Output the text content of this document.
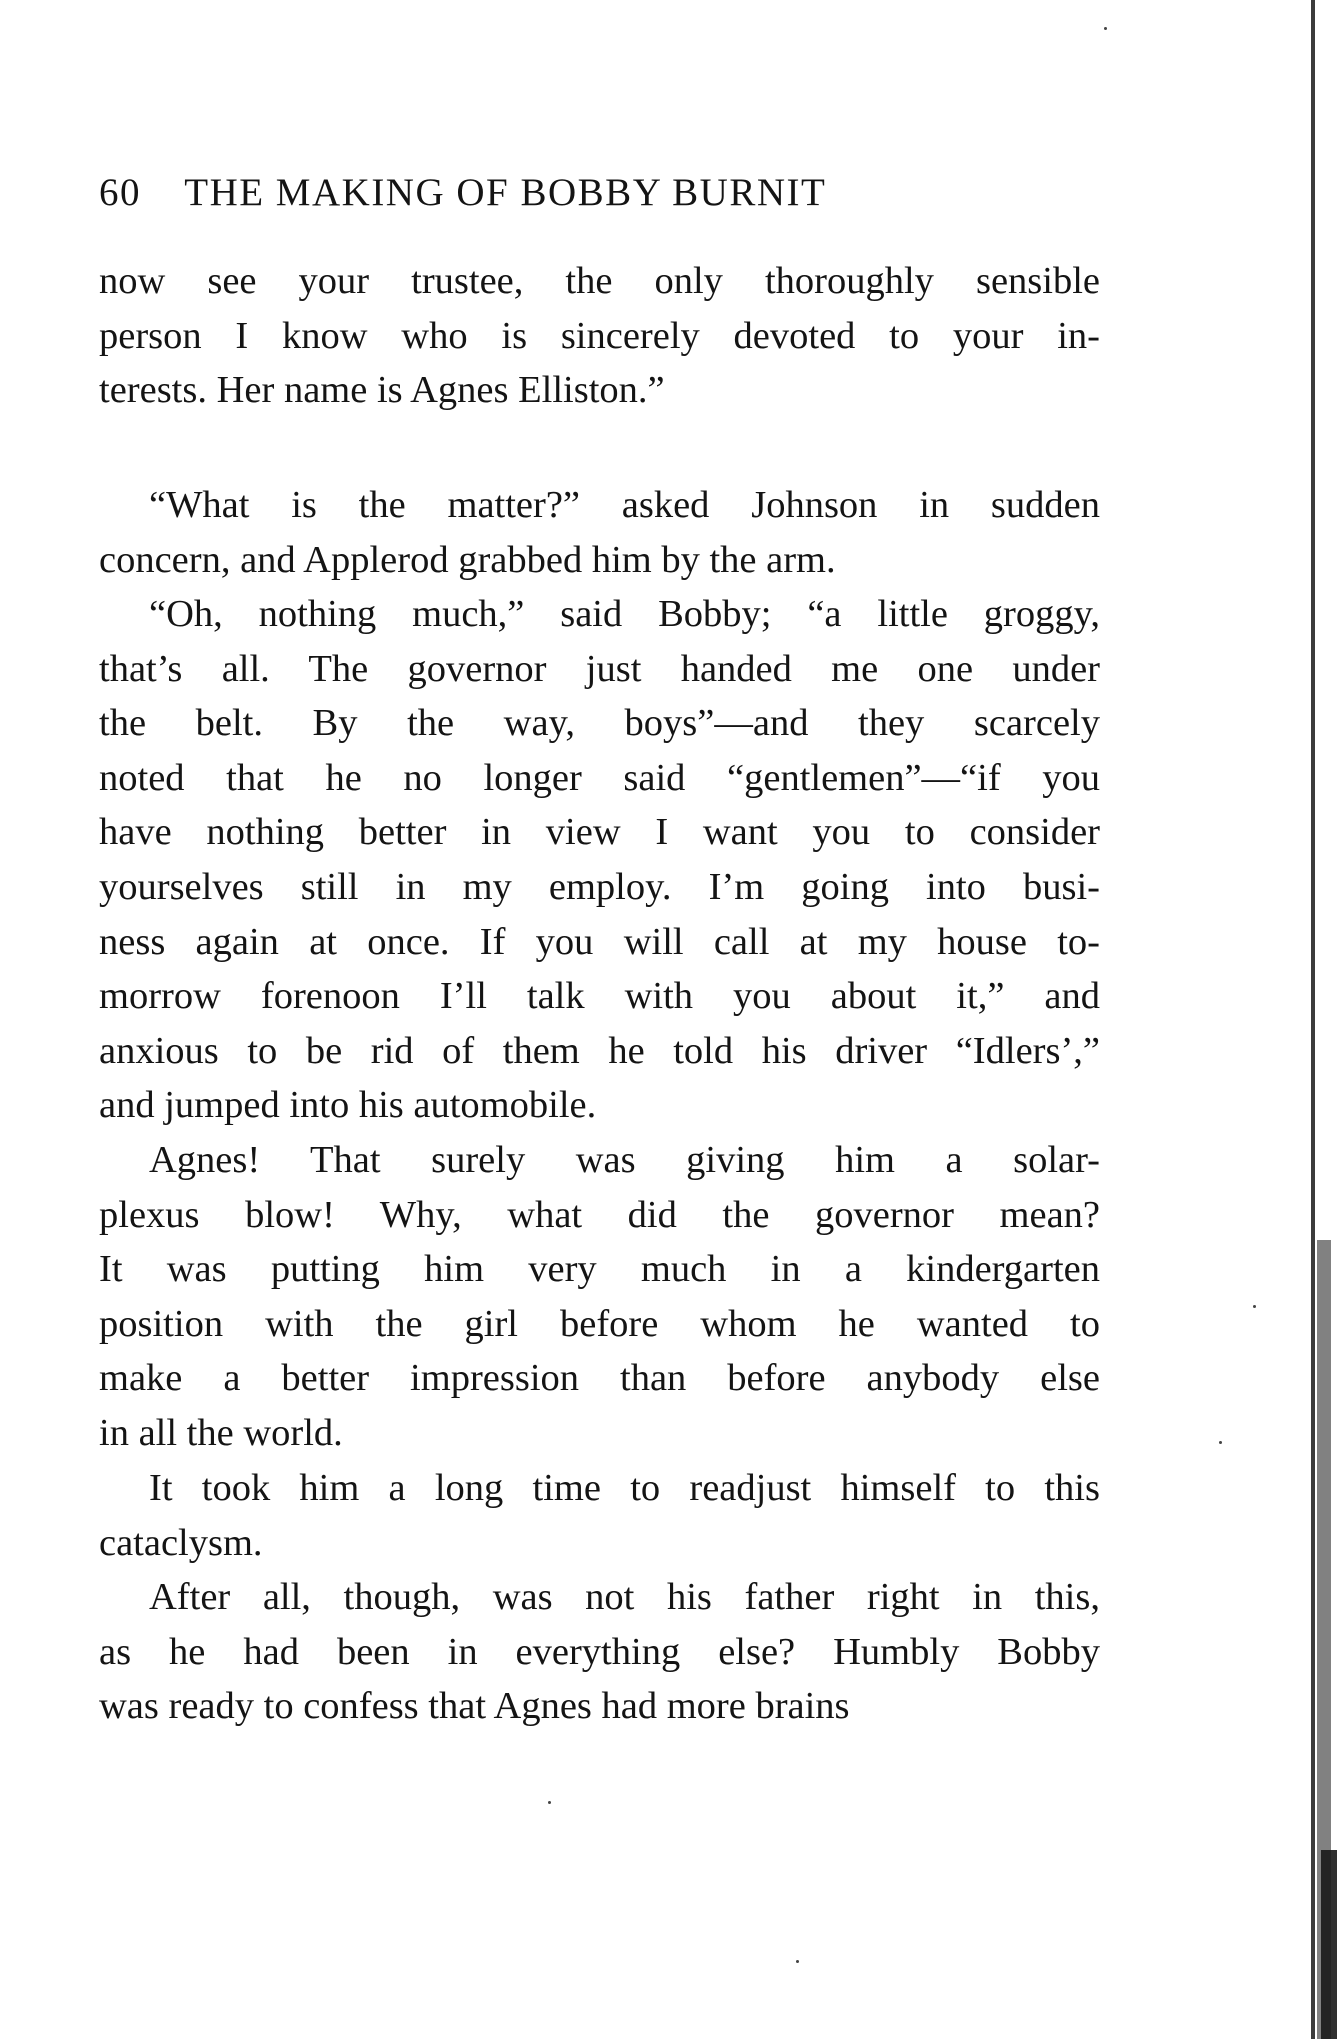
60 THE MAKING OF BOBBY BURNIT
now see your trustee, the only thoroughly sensible
person I know who is sincerely devoted to your in-
terests. Her name is Agnes Elliston.”
“What is the matter?” asked Johnson in sudden
concern, and Applerod grabbed him by the arm.
“Oh, nothing much,” said Bobby; “a little groggy,
that’s all. The governor just handed me one under
the belt. By the way, boys”—and they scarcely
noted that he no longer said “gentlemen”—“if you
have nothing better in view I want you to consider
yourselves still in my employ. I’m going into busi-
ness again at once. If you will call at my house to-
morrow forenoon I’ll talk with you about it,” and
anxious to be rid of them he told his driver “Idlers’,”
and jumped into his automobile.
Agnes! That surely was giving him a solar-
plexus blow! Why, what did the governor mean?
It was putting him very much in a kindergarten
position with the girl before whom he wanted to
make a better impression than before anybody else
in all the world.
It took him a long time to readjust himself to this
cataclysm.
After all, though, was not his father right in this,
as he had been in everything else? Humbly Bobby
was ready to confess that Agnes had more brains
